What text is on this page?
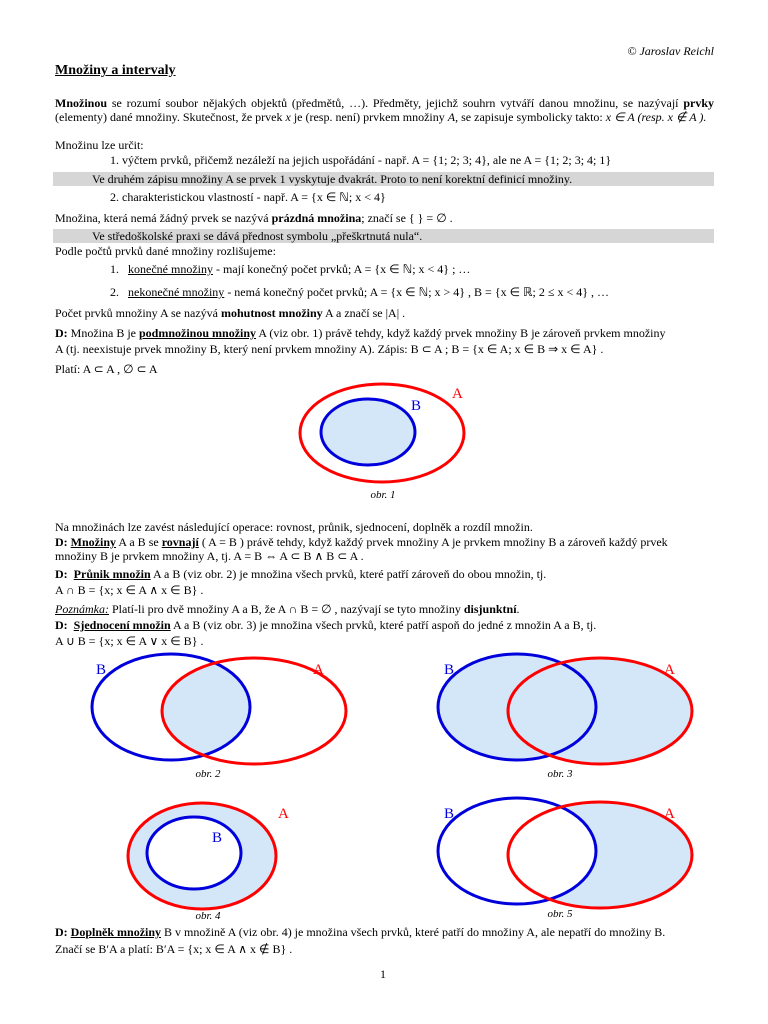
© Jaroslav Reichl
Množiny a intervaly
Množinou se rozumí soubor nějakých objektů (předmětů, …). Předměty, jejichž souhrn vytváří danou množinu, se nazývají prvky (elementy) dané množiny. Skutečnost, že prvek x je (resp. není) prvkem množiny A, se zapisuje symbolicky takto: x ∈ A (resp. x ∉ A ).
Množinu lze určit:
1. výčtem prvků, přičemž nezáleží na jejich uspořádání - např. A = {1; 2; 3; 4}, ale ne A = {1; 2; 3; 4; 1}
Ve druhém zápisu množiny A se prvek 1 vyskytuje dvakrát. Proto to není korektní definicí množiny.
2. charakteristickou vlastností - např. A = {x ∈ ℕ; x < 4}
Množina, která nemá žádný prvek se nazývá prázdná množina; značí se { } = ∅ .
Ve středoškolské praxi se dává přednost symbolu „přeškrtnutá nula“.
Podle počtů prvků dané množiny rozlišujeme:
1. konečné množiny - mají konečný počet prvků; A = {x ∈ ℕ; x < 4} ; …
2. nekonečné množiny - nemá konečný počet prvků; A = {x ∈ ℕ; x > 4} , B = {x ∈ ℝ; 2 ≤ x < 4} , …
Počet prvků množiny A se nazývá mohutnost množiny A a značí se |A| .
D: Množina B je podmnožinou množiny A (viz obr. 1) právě tehdy, když každý prvek množiny B je zároveň prvkem množiny
A (tj. neexistuje prvek množiny B, který není prvkem množiny A). Zápis: B ⊂ A ; B = {x ∈ A; x ∈ B ⇒ x ∈ A} .
Platí: A ⊂ A , ∅ ⊂ A
A
B
obr. 1
Na množinách lze zavést následující operace: rovnost, průnik, sjednocení, doplněk a rozdíl množin.
D: Množiny A a B se rovnají ( A = B ) právě tehdy, když každý prvek množiny A je prvkem množiny B a zároveň každý prvek
množiny B je prvkem množiny A, tj. A = B ⇔ A ⊂ B ∧ B ⊂ A .
D: Průnik množin A a B (viz obr. 2) je množina všech prvků, které patří zároveň do obou množin, tj.
A ∩ B = {x; x ∈ A ∧ x ∈ B} .
Poznámka: Platí-li pro dvě množiny A a B, že A ∩ B = ∅ , nazývají se tyto množiny disjunktní.
D: Sjednocení množin A a B (viz obr. 3) je množina všech prvků, které patří aspoň do jedné z množin A a B, tj.
A ∪ B = {x; x ∈ A ∨ x ∈ B} .
B	A
obr. 2
B	A
obr. 3
A
B
obr. 4
B	A
obr. 5
D: Doplněk množiny B v množině A (viz obr. 4) je množina všech prvků, které patří do množiny A, ale nepatří do množiny B.
Značí se B′A a platí: B′A = {x; x ∈ A ∧ x ∉ B} .
1
